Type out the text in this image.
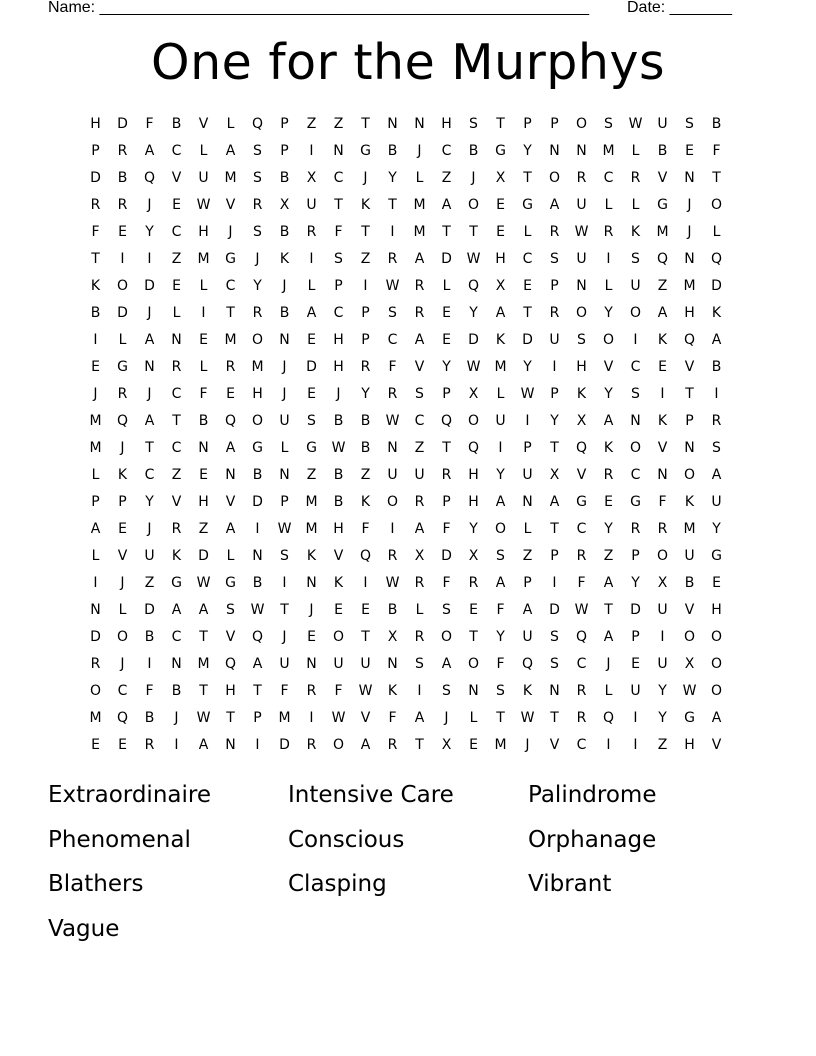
Name: _______________________________________________________ Date: _______
One for the Murphys
H	D	F	B	V	L	Q	P	Z	Z	T	N	N	H	S	T	P	P	O	S	W	U	S	B
P	R	A	C	L	A	S	P	I	N	G	B	J	C	B	G	Y	N	N	M	L	B	E	F
D	B	Q	V	U	M	S	B	X	C	J	Y	L	Z	J	X	T	O	R	C	R	V	N	T
R	R	J	E	W	V	R	X	U	T	K	T	M	A	O	E	G	A	U	L	L	G	J	O
F	E	Y	C	H	J	S	B	R	F	T	I	M	T	T	E	L	R	W	R	K	M	J	L
T	I	I	Z	M	G	J	K	I	S	Z	R	A	D	W	H	C	S	U	I	S	Q	N	Q
K	O	D	E	L	C	Y	J	L	P	I	W	R	L	Q	X	E	P	N	L	U	Z	M	D
B	D	J	L	I	T	R	B	A	C	P	S	R	E	Y	A	T	R	O	Y	O	A	H	K
I	L	A	N	E	M	O	N	E	H	P	C	A	E	D	K	D	U	S	O	I	K	Q	A
E	G	N	R	L	R	M	J	D	H	R	F	V	Y	W	M	Y	I	H	V	C	E	V	B
J	R	J	C	F	E	H	J	E	J	Y	R	S	P	X	L	W	P	K	Y	S	I	T	I
M	Q	A	T	B	Q	O	U	S	B	B	W	C	Q	O	U	I	Y	X	A	N	K	P	R
M	J	T	C	N	A	G	L	G	W	B	N	Z	T	Q	I	P	T	Q	K	O	V	N	S
L	K	C	Z	E	N	B	N	Z	B	Z	U	U	R	H	Y	U	X	V	R	C	N	O	A
P	P	Y	V	H	V	D	P	M	B	K	O	R	P	H	A	N	A	G	E	G	F	K	U
A	E	J	R	Z	A	I	W	M	H	F	I	A	F	Y	O	L	T	C	Y	R	R	M	Y
L	V	U	K	D	L	N	S	K	V	Q	R	X	D	X	S	Z	P	R	Z	P	O	U	G
I	J	Z	G	W	G	B	I	N	K	I	W	R	F	R	A	P	I	F	A	Y	X	B	E
N	L	D	A	A	S	W	T	J	E	E	B	L	S	E	F	A	D	W	T	D	U	V	H
D	O	B	C	T	V	Q	J	E	O	T	X	R	O	T	Y	U	S	Q	A	P	I	O	O
R	J	I	N	M	Q	A	U	N	U	U	N	S	A	O	F	Q	S	C	J	E	U	X	O
O	C	F	B	T	H	T	F	R	F	W	K	I	S	N	S	K	N	R	L	U	Y	W	O
M	Q	B	J	W	T	P	M	I	W	V	F	A	J	L	T	W	T	R	Q	I	Y	G	A
E	E	R	I	A	N	I	D	R	O	A	R	T	X	E	M	J	V	C	I	I	Z	H	V
Extraordinaire	Intensive Care	Palindrome
Phenomenal	Conscious	Orphanage
Blathers	Clasping	Vibrant
Vague
